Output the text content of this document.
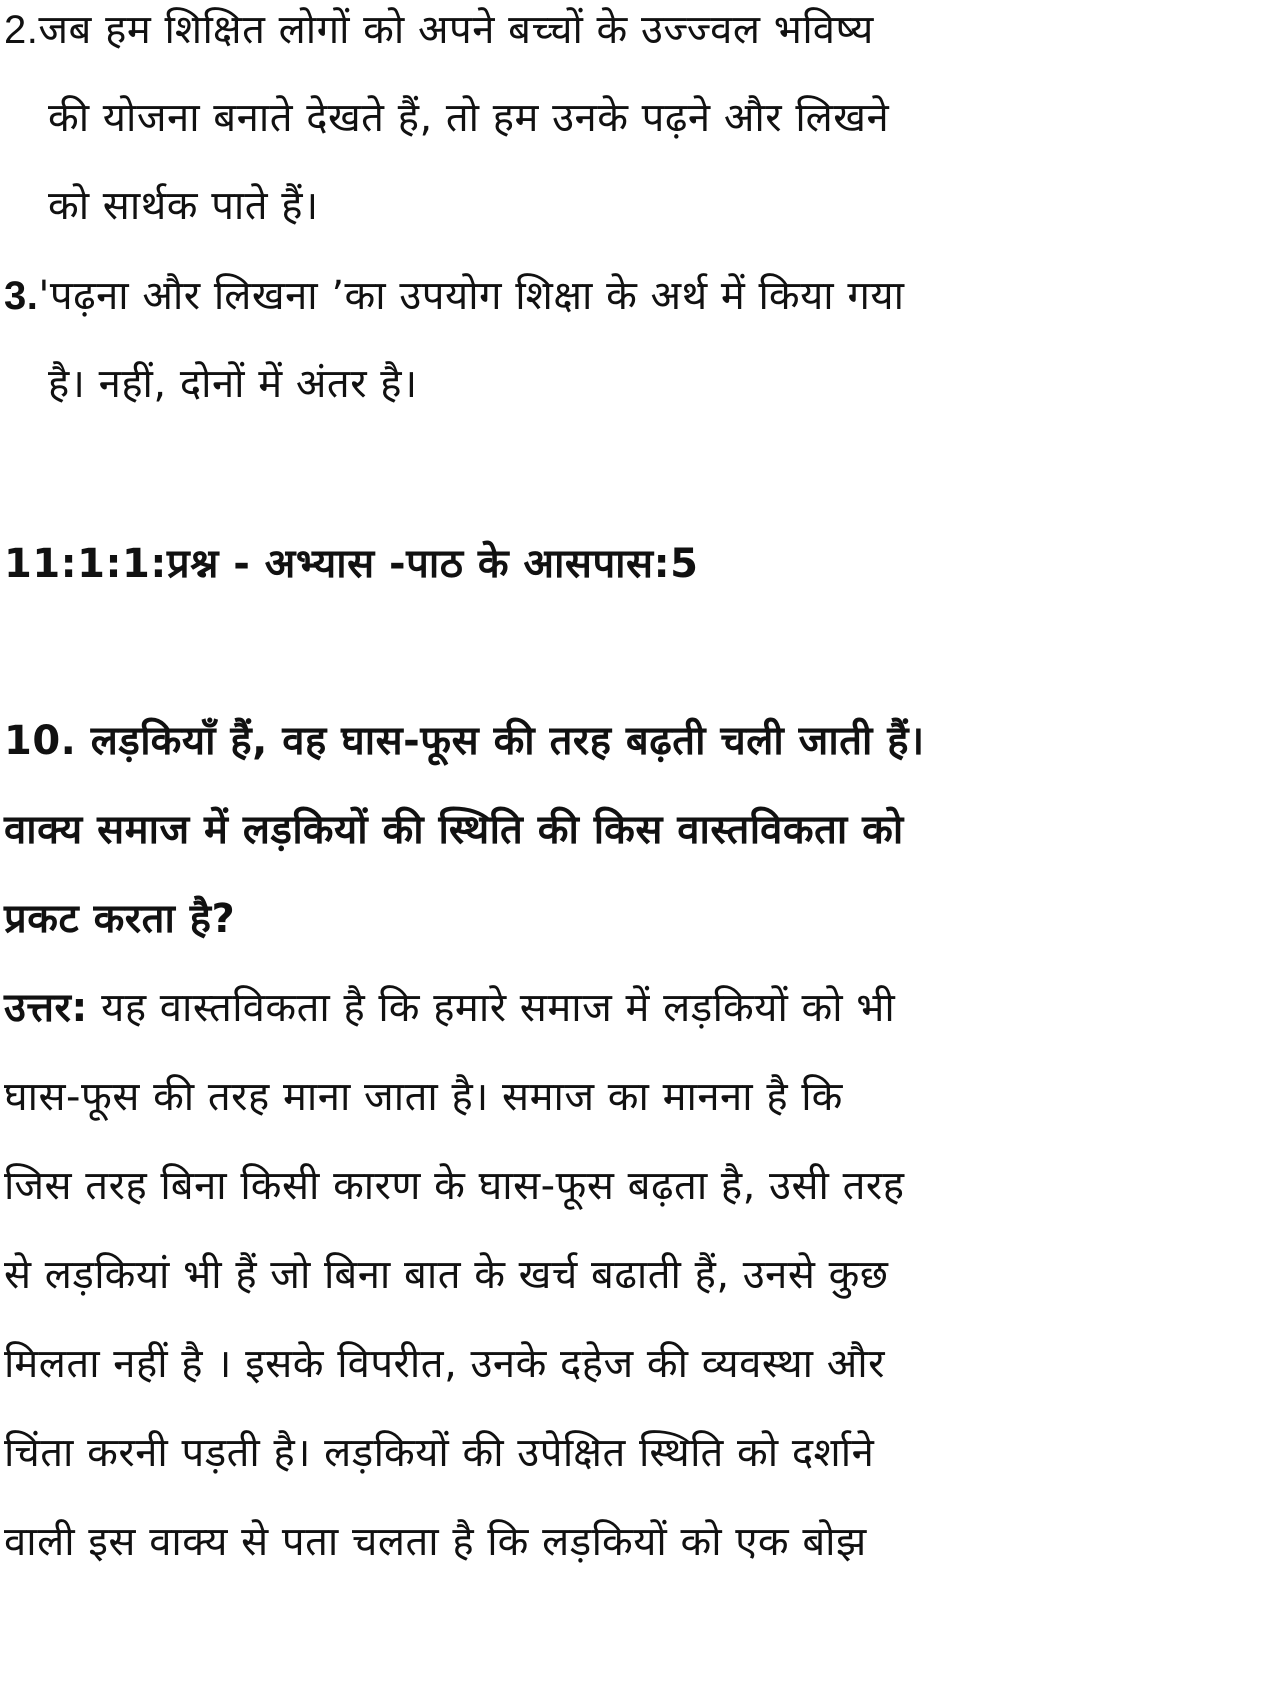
2.जब हम शिक्षित लोगों को अपने बच्चों के उज्ज्वल भविष्य
की योजना बनाते देखते हैं, तो हम उनके पढ़ने और लिखने
को सार्थक पाते हैं।
3.'पढ़ना और लिखना ’का उपयोग शिक्षा के अर्थ में किया गया
है। नहीं, दोनों में अंतर है।
11:1:1:प्रश्न - अभ्यास -पाठ के आसपास:5
10. लड़कियाँ हैं, वह घास-फूस की तरह बढ़ती चली जाती हैं।
वाक्य समाज में लड़कियों की स्थिति की किस वास्तविकता को
प्रकट करता है?
उत्तर: यह वास्तविकता है कि हमारे समाज में लड़कियों को भी
घास-फूस की तरह माना जाता है। समाज का मानना है कि
जिस तरह बिना किसी कारण के घास-फूस बढ़ता है, उसी तरह
से लड़कियां भी हैं जो बिना बात के खर्च बढाती हैं, उनसे कुछ
मिलता नहीं है । इसके विपरीत, उनके दहेज की व्यवस्था और
चिंता करनी पड़ती है। लड़कियों की उपेक्षित स्थिति को दर्शाने
वाली इस वाक्य से पता चलता है कि लड़कियों को एक बोझ
